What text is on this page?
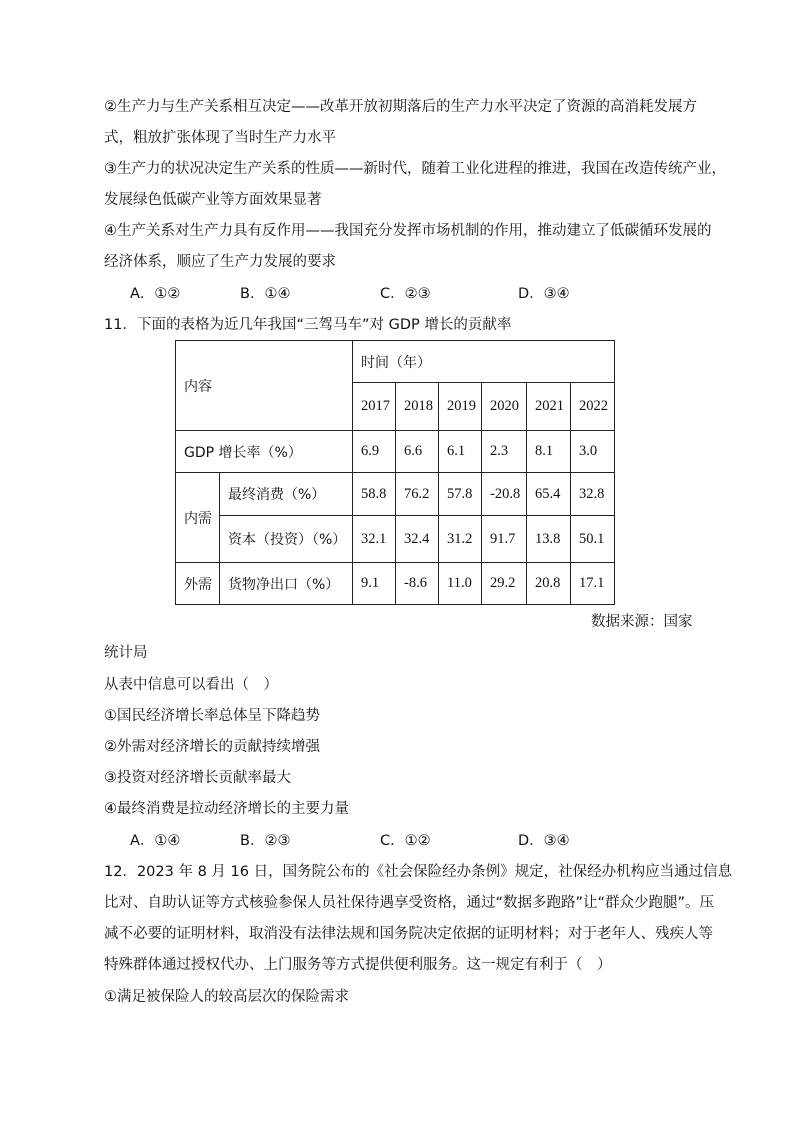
②生产力与生产关系相互决定——改革开放初期落后的生产力水平决定了资源的高消耗发展方
式，粗放扩张体现了当时生产力水平
③生产力的状况决定生产关系的性质——新时代，随着工业化进程的推进，我国在改造传统产业，
发展绿色低碳产业等方面效果显著
④生产关系对生产力具有反作用——我国充分发挥市场机制的作用，推动建立了低碳循环发展的
经济体系，顺应了生产力发展的要求
A．①②	B．①④	C．②③	D．③④
11．下面的表格为近几年我国“三驾马车”对 GDP 增长的贡献率
内容		时间（年）					
		2017	2018	2019	2020	2021	2022
GDP 增长率（%）		6.9	6.6	6.1	2.3	8.1	3.0
内需	最终消费（%）	58.8	76.2	57.8	-20.8	65.4	32.8
	资本（投资）（%）	32.1	32.4	31.2	91.7	13.8	50.1
外需	货物净出口（%）	9.1	-8.6	11.0	29.2	20.8	17.1
数据来源：国家
统计局
从表中信息可以看出（　）
①国民经济增长率总体呈下降趋势
②外需对经济增长的贡献持续增强
③投资对经济增长贡献率最大
④最终消费是拉动经济增长的主要力量
A．①④	B．②③	C．①②	D．③④
12．2023 年 8 月 16 日，国务院公布的《社会保险经办条例》规定，社保经办机构应当通过信息
比对、自助认证等方式核验参保人员社保待遇享受资格，通过“数据多跑路”让“群众少跑腿”。压
减不必要的证明材料，取消没有法律法规和国务院决定依据的证明材料；对于老年人、残疾人等
特殊群体通过授权代办、上门服务等方式提供便利服务。这一规定有利于（　）
①满足被保险人的较高层次的保险需求
